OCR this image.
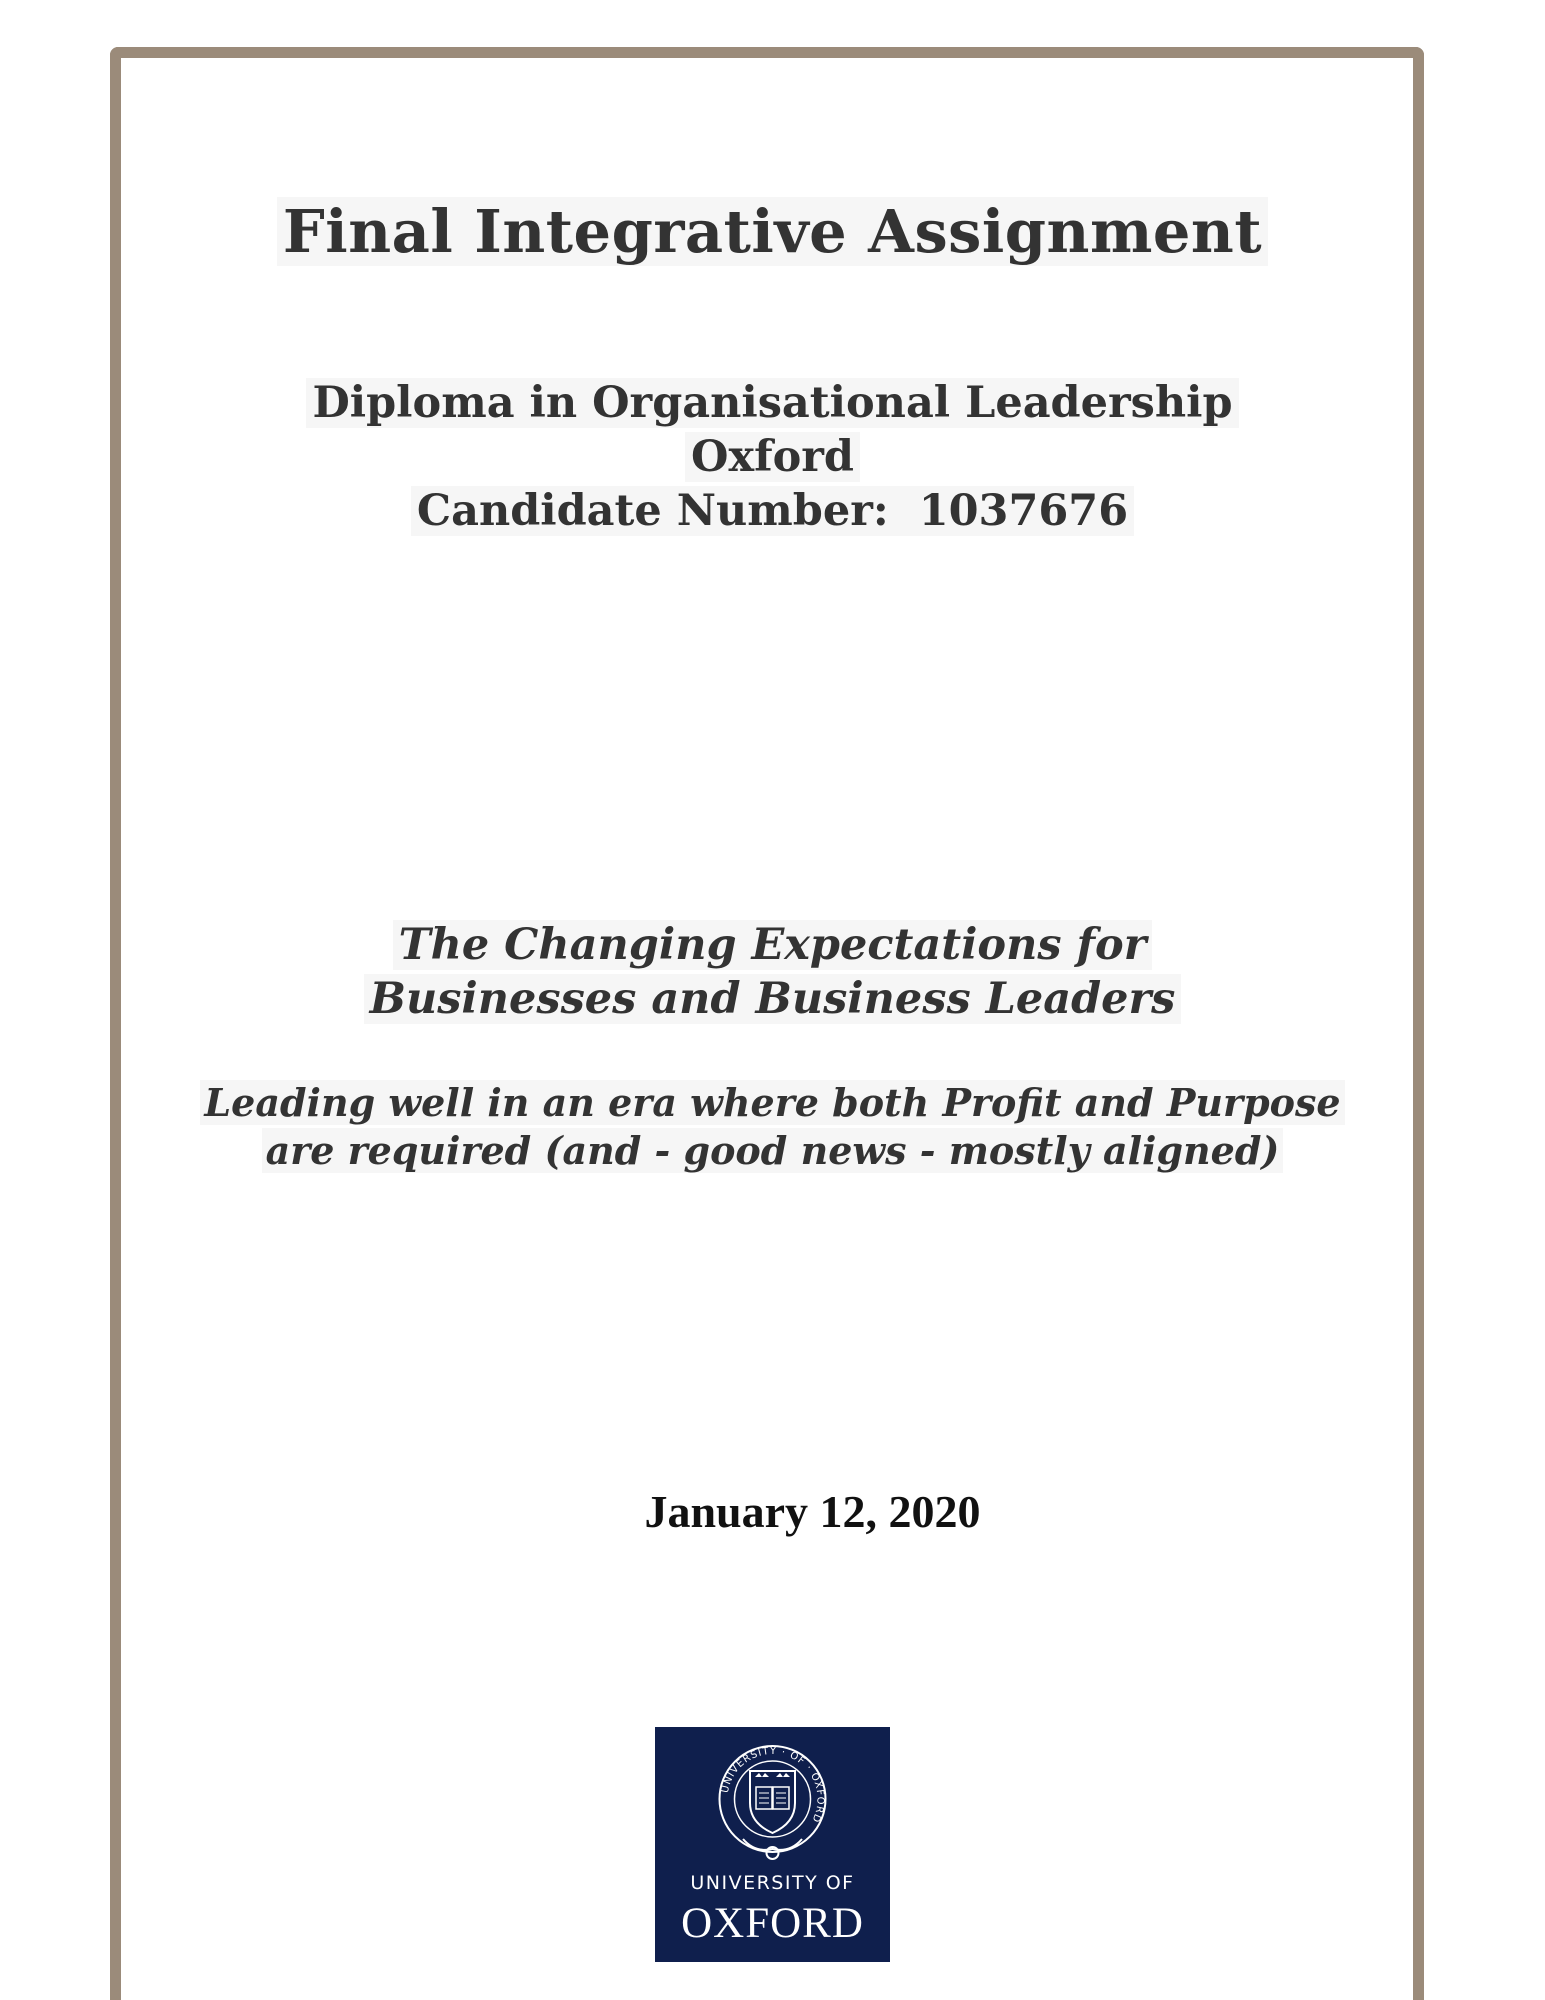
Final Integrative Assignment
Diploma in Organisational Leadership
Oxford
Candidate Number: 1037676
The Changing Expectations for
Businesses and Business Leaders
Leading well in an era where both Profit and Purpose are required (and - good news - mostly aligned)
January 12, 2020
UNIVERSITY · OF · OXFORD
UNIVERSITY OF
OXFORD
